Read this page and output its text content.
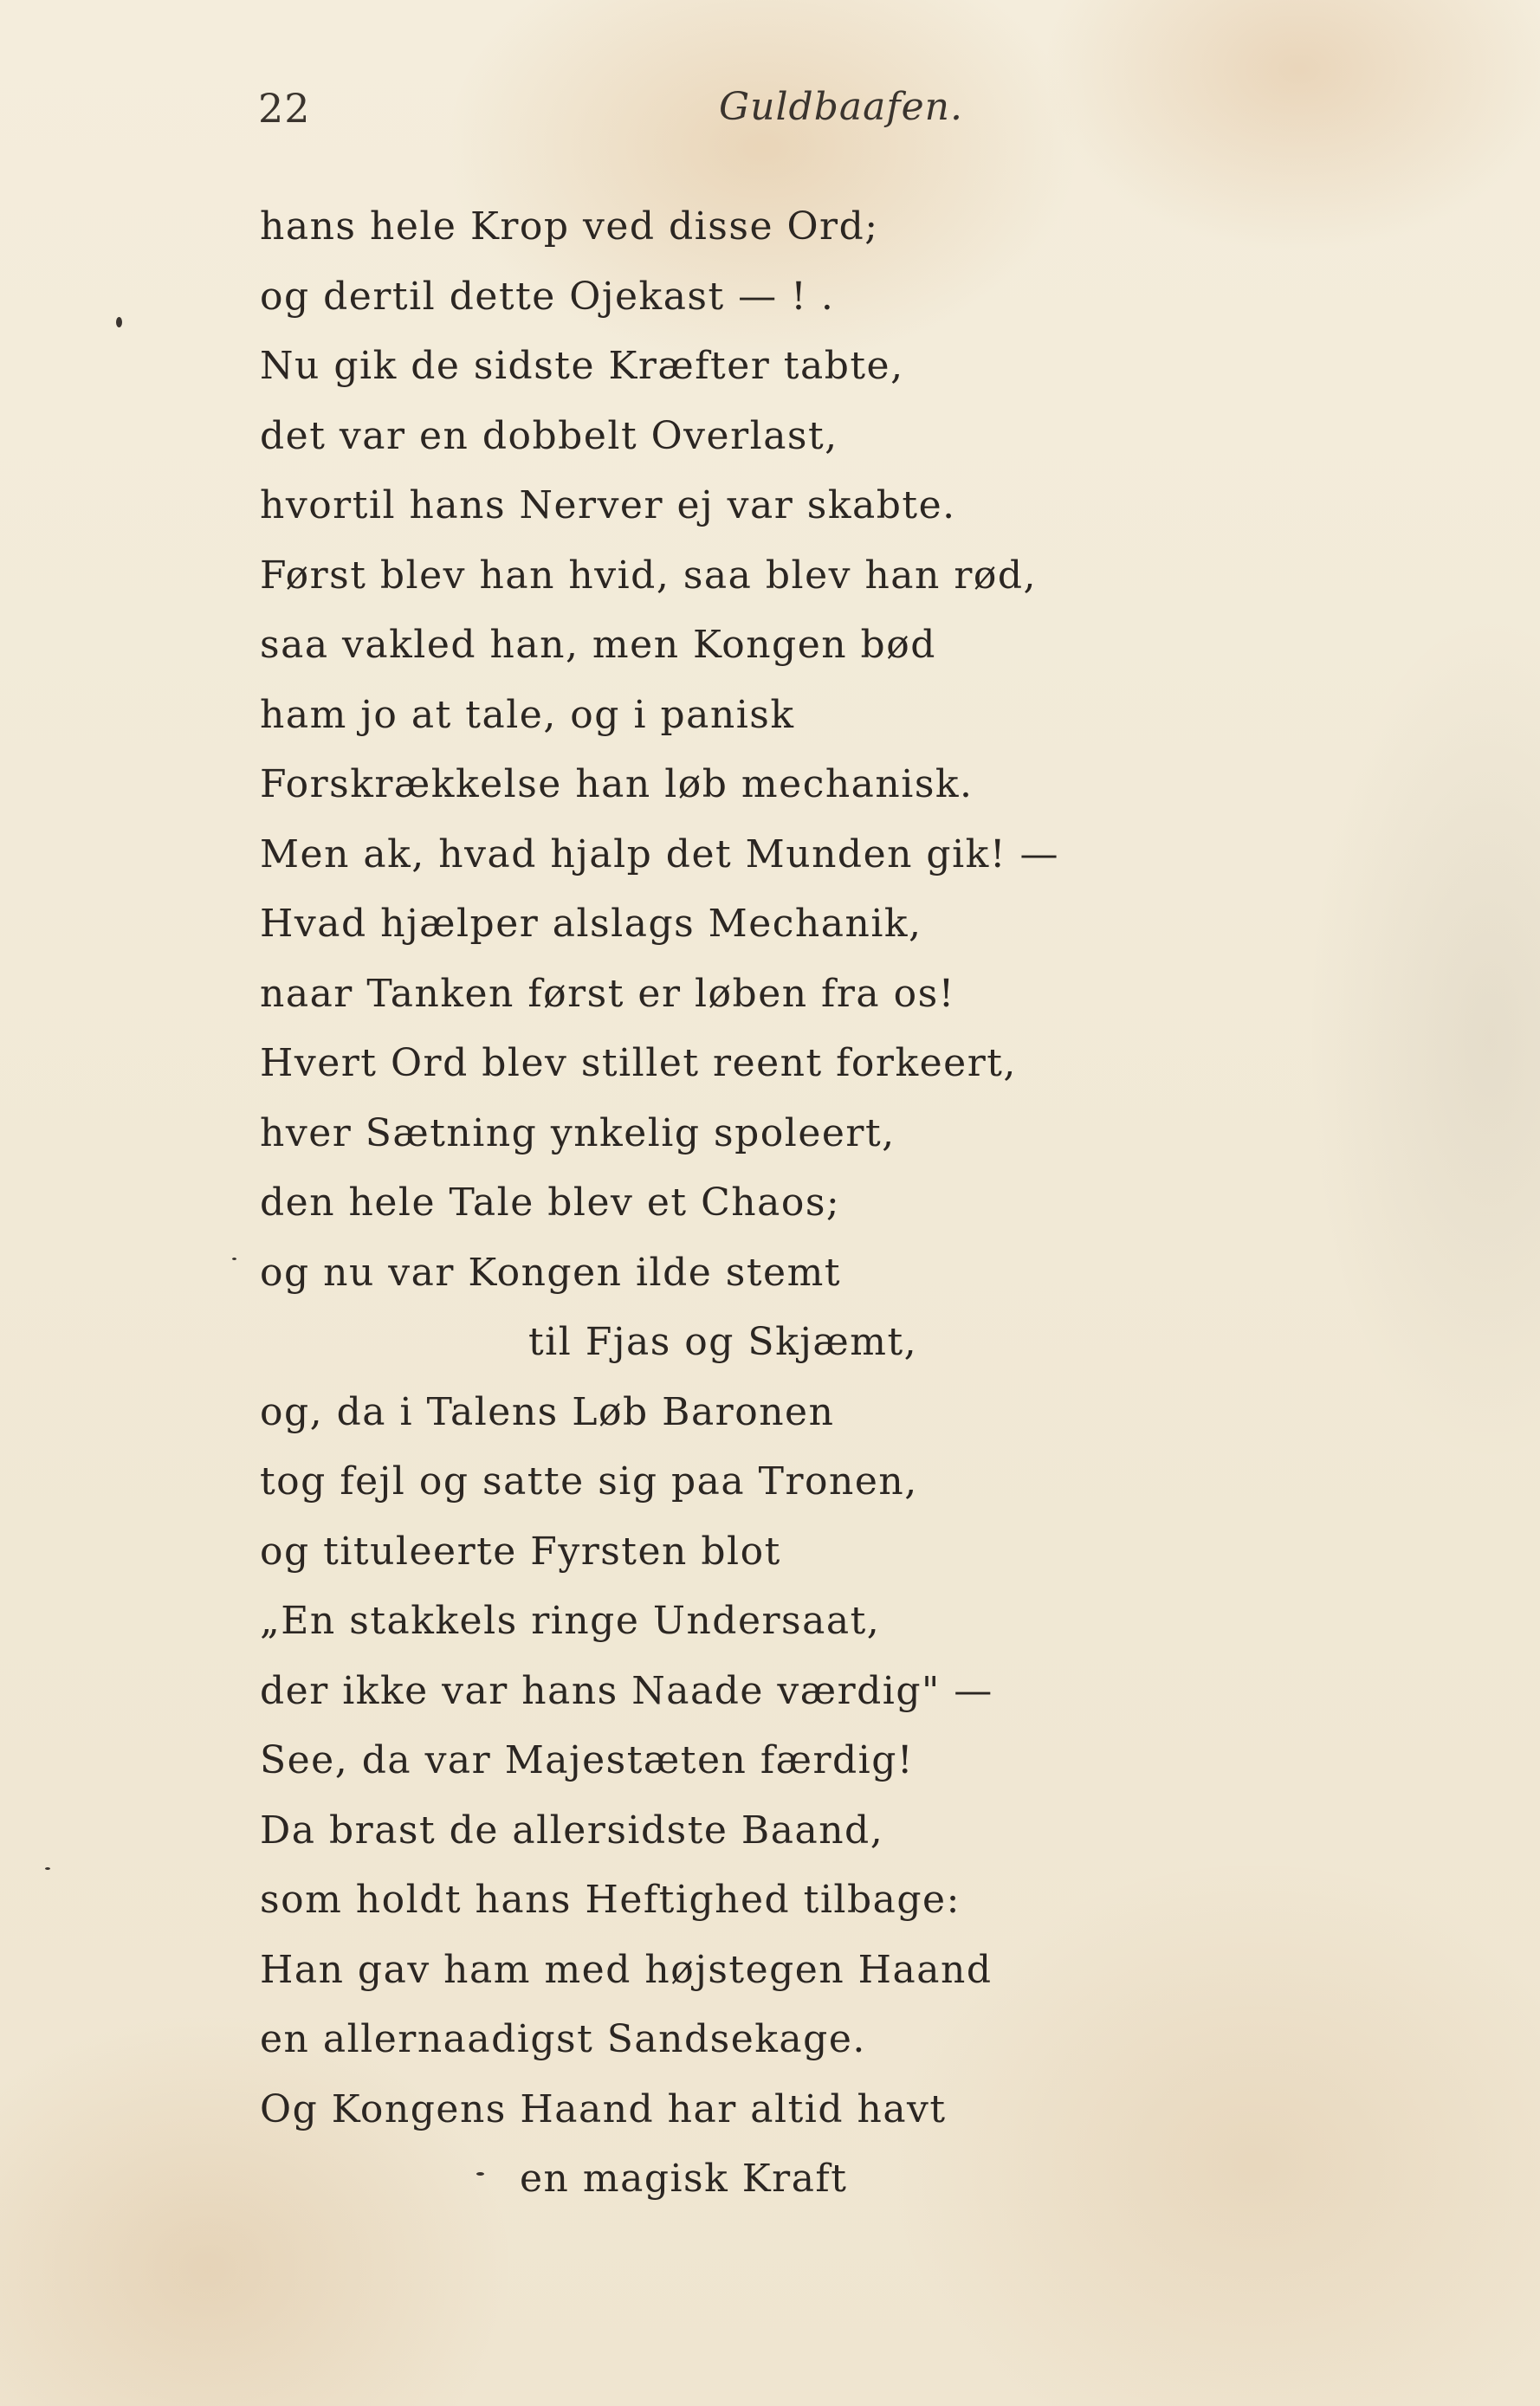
22	Guldbaafen.
hans hele Krop ved disse Ord;
og dertil dette Ojekast — ! .
Nu gik de sidste Kræfter tabte,
det var en dobbelt Overlast,
hvortil hans Nerver ej var skabte.
Først blev han hvid, saa blev han rød,
saa vakled han, men Kongen bød
ham jo at tale, og i panisk
Forskrækkelse han løb mechanisk.
Men ak, hvad hjalp det Munden gik! —
Hvad hjælper alslags Mechanik,
naar Tanken først er løben fra os!
Hvert Ord blev stillet reent forkeert,
hver Sætning ynkelig spoleert,
den hele Tale blev et Chaos;
og nu var Kongen ilde stemt
til Fjas og Skjæmt,
og, da i Talens Løb Baronen
tog fejl og satte sig paa Tronen,
og tituleerte Fyrsten blot
„En stakkels ringe Undersaat,
der ikke var hans Naade værdig" —
See, da var Majestæten færdig!
Da brast de allersidste Baand,
som holdt hans Heftighed tilbage:
Han gav ham med højstegen Haand
en allernaadigst Sandsekage.
Og Kongens Haand har altid havt
en magisk Kraft
